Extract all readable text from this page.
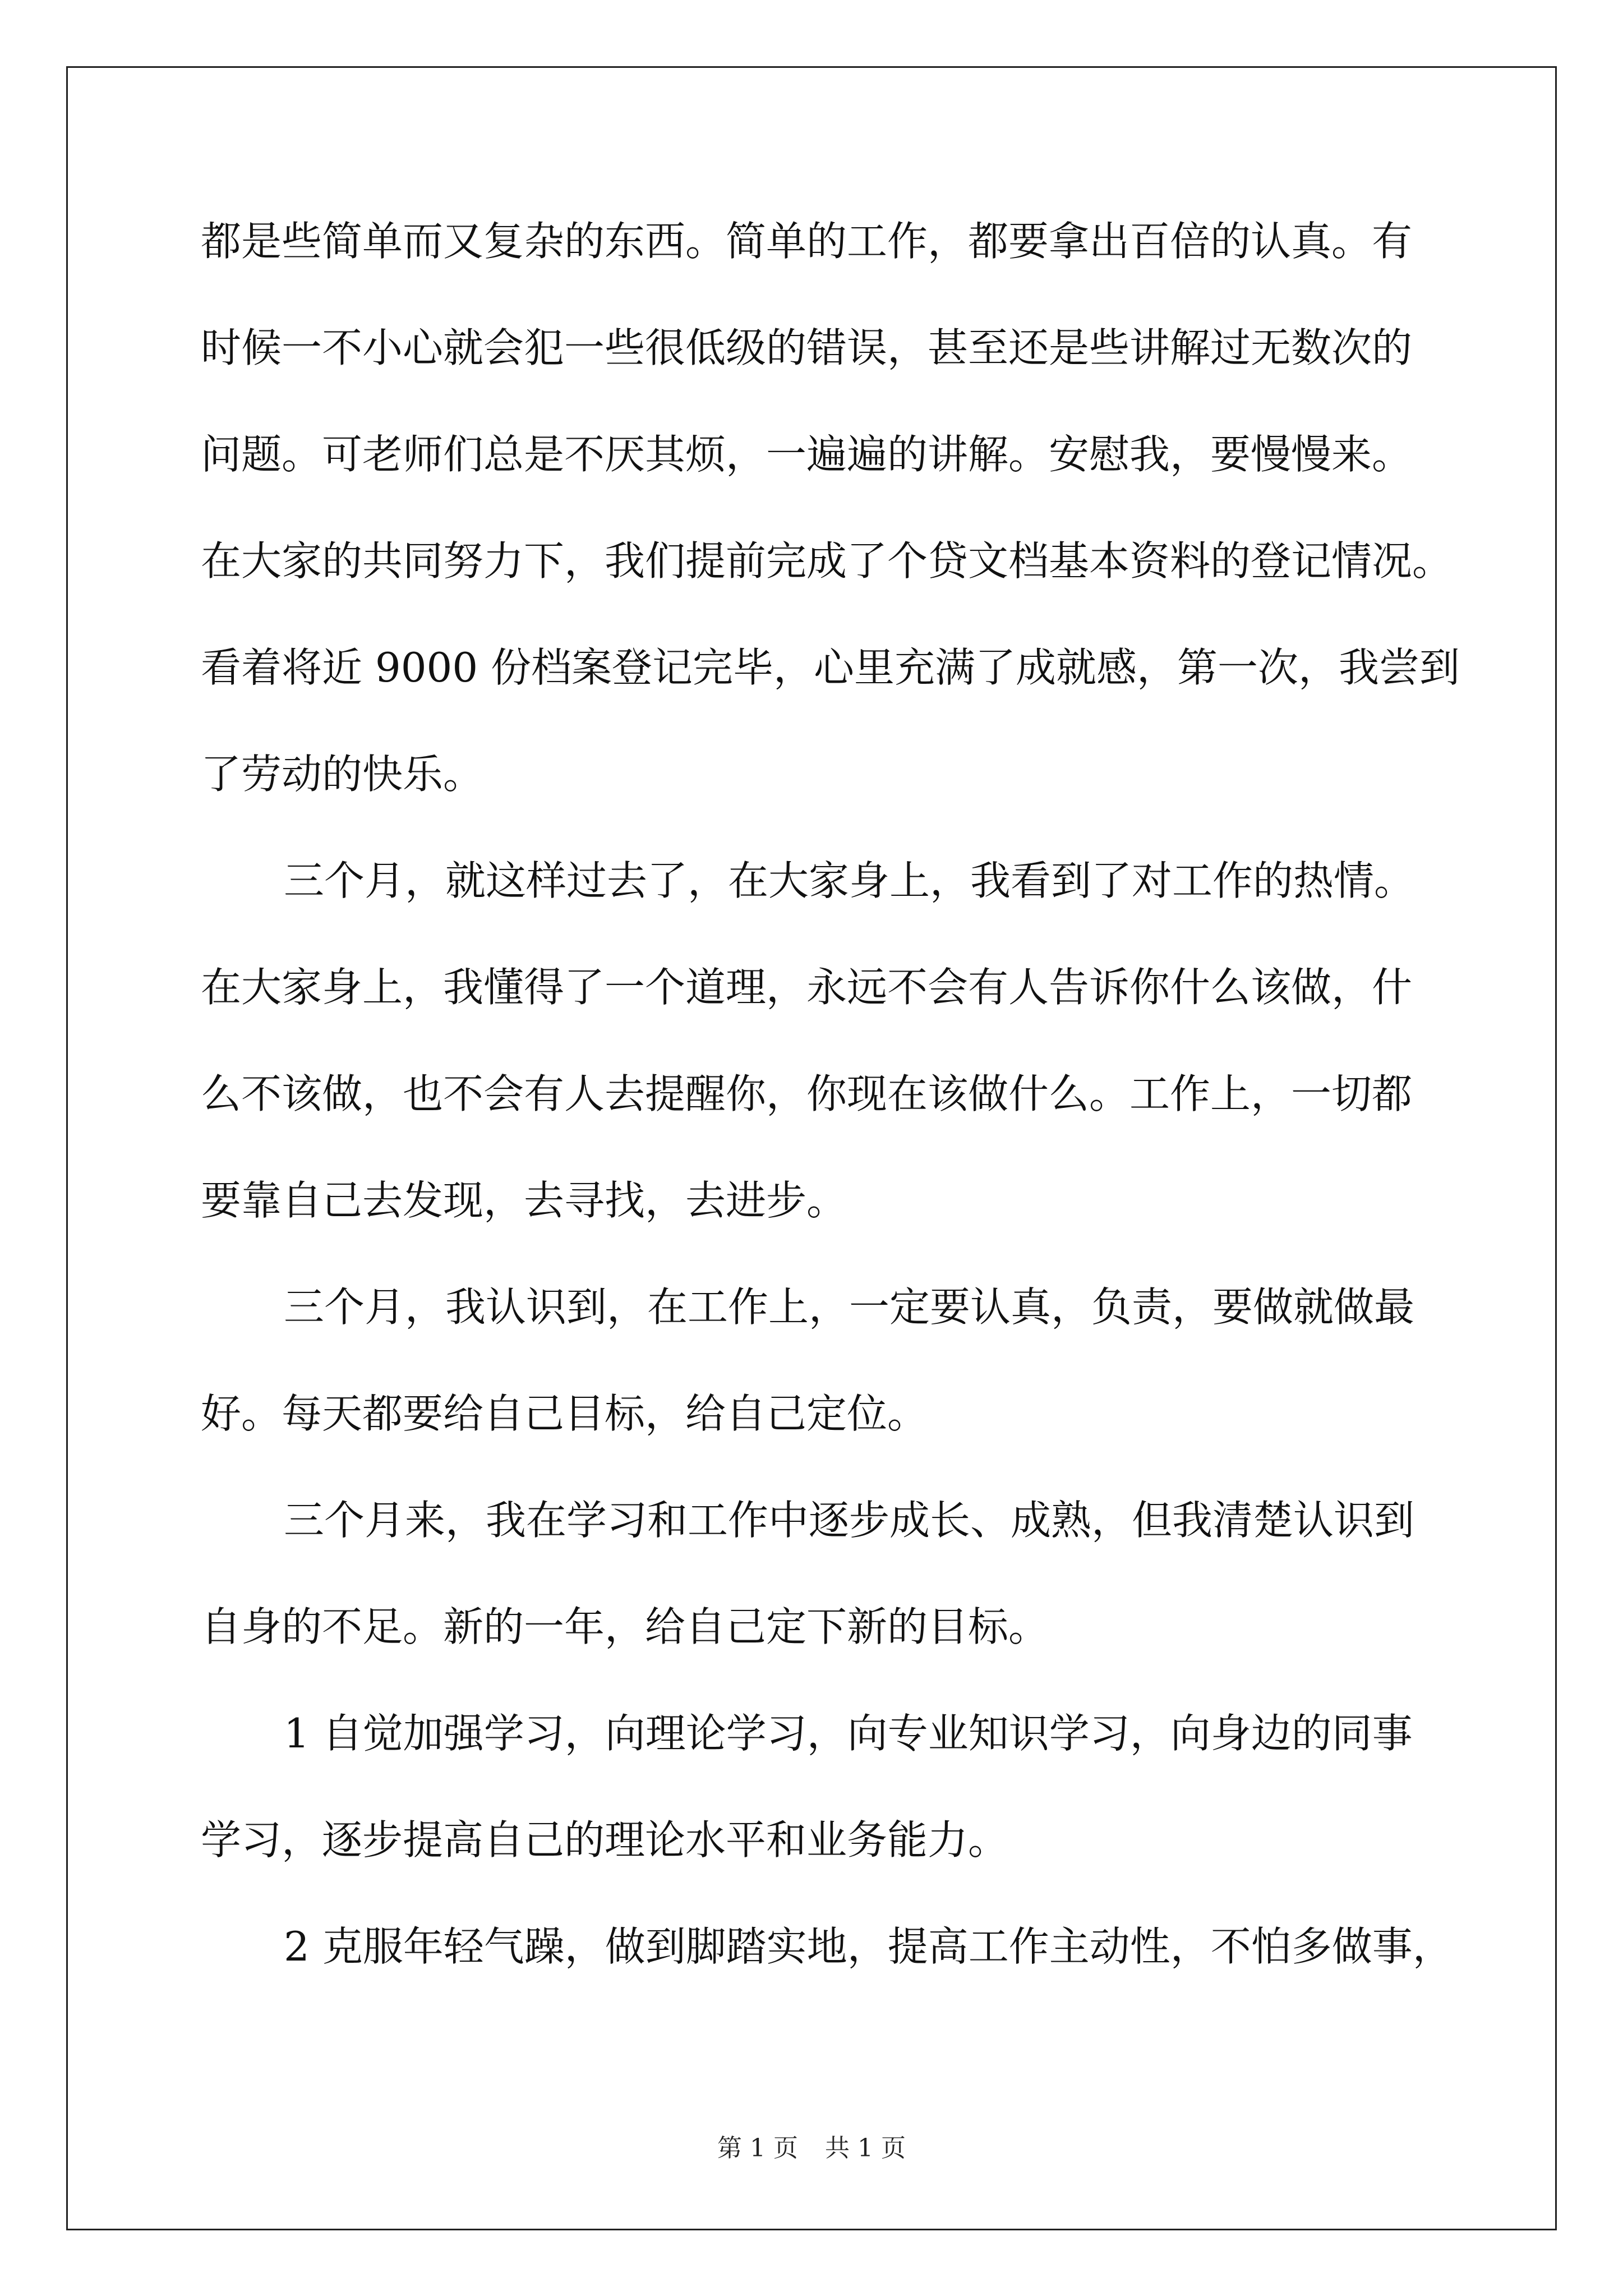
都是些简单而又复杂的东西。简单的工作，都要拿出百倍的认真。有
时候一不小心就会犯一些很低级的错误，甚至还是些讲解过无数次的
问题。可老师们总是不厌其烦，一遍遍的讲解。安慰我，要慢慢来。
在大家的共同努力下，我们提前完成了个贷文档基本资料的登记情况。
看着将近 9000 份档案登记完毕，心里充满了成就感，第一次，我尝到
了劳动的快乐。
三个月，就这样过去了，在大家身上，我看到了对工作的热情。
在大家身上，我懂得了一个道理，永远不会有人告诉你什么该做，什
么不该做，也不会有人去提醒你，你现在该做什么。工作上，一切都
要靠自己去发现，去寻找，去进步。
三个月，我认识到，在工作上，一定要认真，负责，要做就做最
好。每天都要给自己目标，给自己定位。
三个月来，我在学习和工作中逐步成长、成熟，但我清楚认识到
自身的不足。新的一年，给自己定下新的目标。
1 自觉加强学习，向理论学习，向专业知识学习，向身边的同事
学习，逐步提高自己的理论水平和业务能力。
2 克服年轻气躁，做到脚踏实地，提高工作主动性，不怕多做事，
第 1 页 共 1 页
